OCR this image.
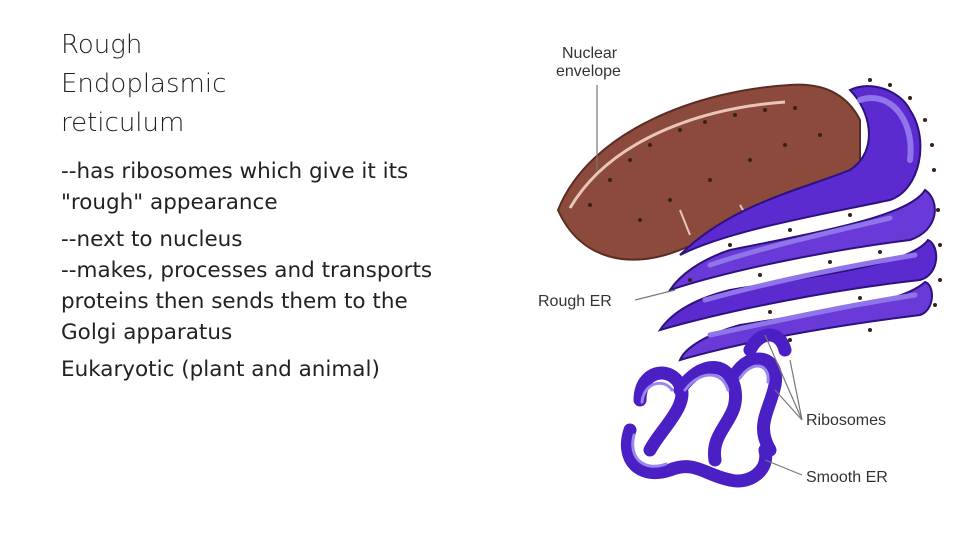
Rough
Endoplasmic
reticulum

--has ribosomes which give it its
"rough" appearance

--next to nucleus
--makes, processes and transports
proteins then sends them to the
Golgi apparatus

Eukaryotic (plant and animal)

Nuclear envelope
Rough ER
Ribosomes
Smooth ER
